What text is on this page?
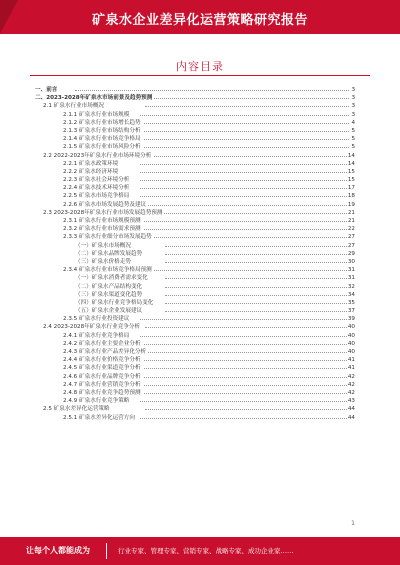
矿泉水企业差异化运营策略研究报告
内容目录
一、前言	3
二、2023-2028年矿泉水市场前景及趋势预测	3
2.1 矿泉水行业市场概况	3
2.1.1 矿泉水行业市场规模	3
2.1.2 矿泉水行业市场增长趋势	4
2.1.3 矿泉水行业市场结构分析	5
2.1.4 矿泉水行业市场竞争格局	5
2.1.5 矿泉水行业市场风险分析	5
2.2 2022-2023年矿泉水行业市场环境分析	14
2.2.1 矿泉水政策环境	14
2.2.2 矿泉水经济环境	15
2.2.3 矿泉水社会环境分析	15
2.2.4 矿泉水技术环境分析	17
2.2.5 矿泉水市场竞争格局	18
2.2.6 矿泉水市场发展趋势及建议	19
2.3 2023-2028年矿泉水行业市场发展趋势预测	21
2.3.1 矿泉水行业市场规模预测	21
2.3.2 矿泉水行业市场需求预测	22
2.3.3 矿泉水行业细分市场发展趋势	27
（一）矿泉水市场概况	27
（二）矿泉水品牌发展趋势	29
（三）矿泉水价格走势	30
2.3.4 矿泉水行业市场竞争格局预测	31
（一）矿泉水消费者需求变化	31
（二）矿泉水产品结构变化	32
（三）矿泉水渠道变化趋势	34
（四）矿泉水行业竞争格局变化	35
（五）矿泉水企业发展建议	37
2.3.5 矿泉水行业投资建议	39
2.4 2023-2028年矿泉水行业竞争分析	40
2.4.1 矿泉水行业竞争格局	40
2.4.2 矿泉水行业主要企业分析	40
2.4.3 矿泉水行业产品差异化分析	40
2.4.4 矿泉水行业价格竞争分析	41
2.4.5 矿泉水行业渠道竞争分析	41
2.4.6 矿泉水行业品牌竞争分析	42
2.4.7 矿泉水行业营销竞争分析	42
2.4.8 矿泉水行业竞争趋势预测	42
2.4.9 矿泉水行业竞争策略	43
2.5 矿泉水差异化运营策略	44
2.5.1 矿泉水差异化运营方向	44
1
让每个人都能成为	行业专家、管理专家、营销专家、战略专家、成功企业家……
